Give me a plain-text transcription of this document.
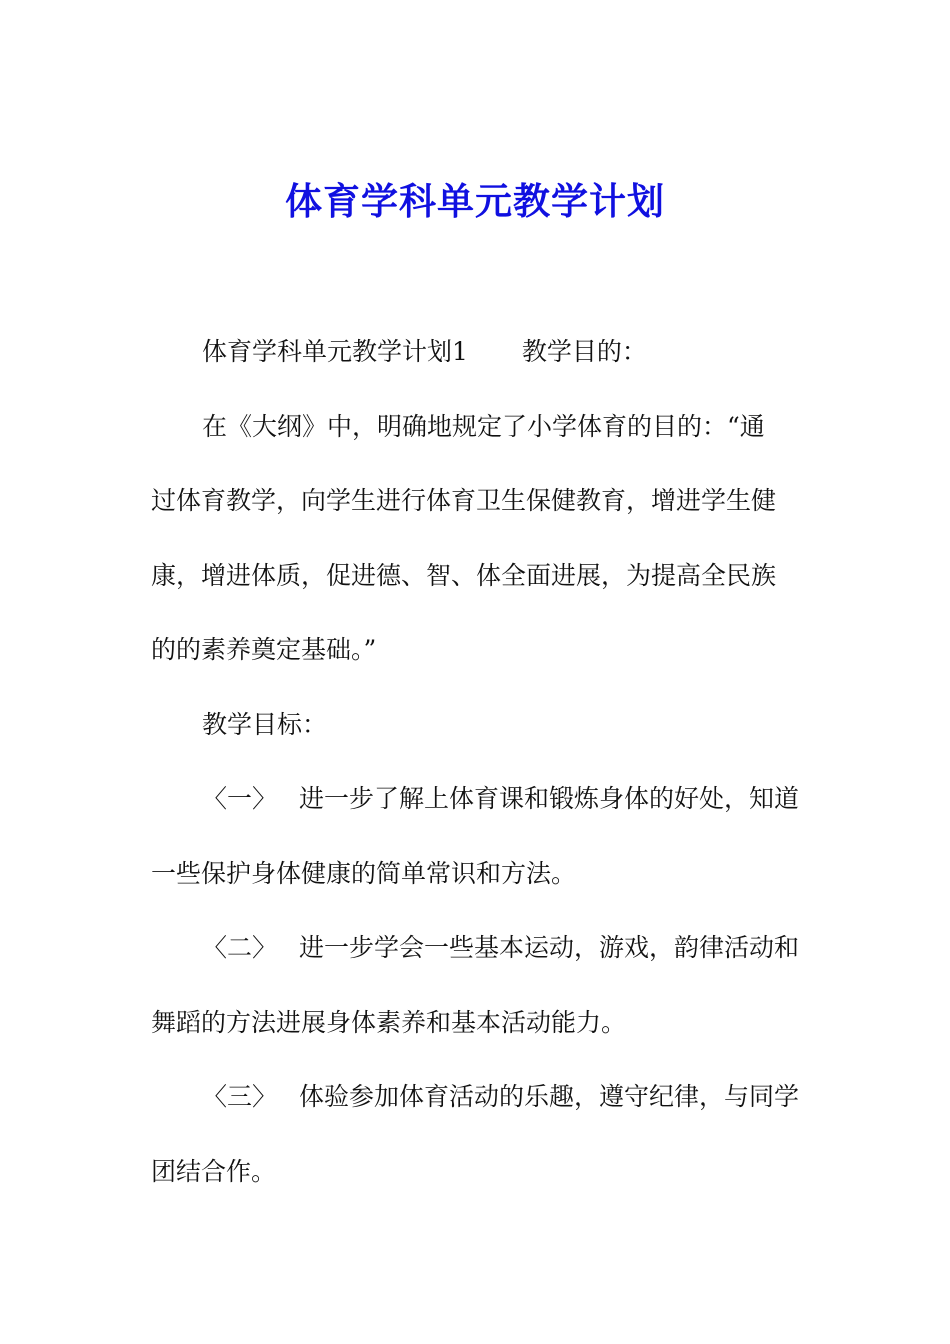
体育学科单元教学计划
体育学科单元教学计划1 教学目的：
在《大纲》中，明确地规定了小学体育的目的：“通
过体育教学，向学生进行体育卫生保健教育，增进学生健
康，增进体质，促进德、智、体全面进展，为提高全民族
的的素养奠定基础。”
教学目标：
〈一〉 进一步了解上体育课和锻炼身体的好处，知道
一些保护身体健康的简单常识和方法。
〈二〉 进一步学会一些基本运动，游戏，韵律活动和
舞蹈的方法进展身体素养和基本活动能力。
〈三〉 体验参加体育活动的乐趣，遵守纪律，与同学
团结合作。
